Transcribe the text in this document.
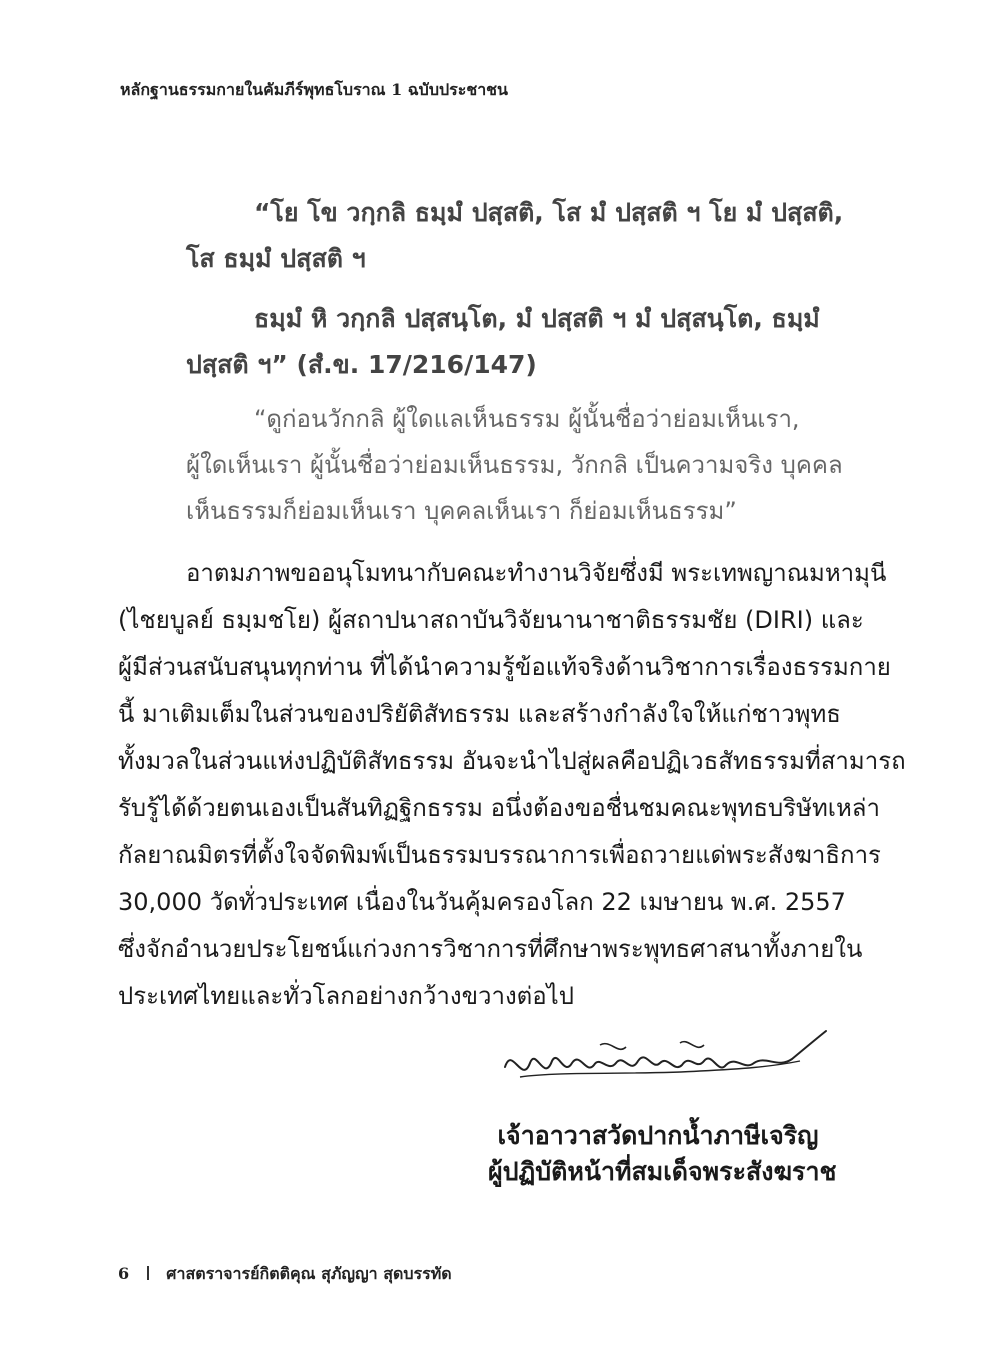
หลักฐานธรรมกายในคัมภีร์พุทธโบราณ 1 ฉบับประชาชน
“โย โข วกฺกลิ ธมฺมํ ปสฺสติ, โส มํ ปสฺสติ ฯ โย มํ ปสฺสติ,
โส ธมฺมํ ปสฺสติ ฯ
ธมฺมํ หิ วกฺกลิ ปสฺสนฺโต, มํ ปสฺสติ ฯ มํ ปสฺสนฺโต, ธมฺมํ
ปสฺสติ ฯ” (สํ.ข. 17/216/147)
“ดูก่อนวักกลิ ผู้ใดแลเห็นธรรม ผู้นั้นชื่อว่าย่อมเห็นเรา,
ผู้ใดเห็นเรา ผู้นั้นชื่อว่าย่อมเห็นธรรม, วักกลิ เป็นความจริง บุคคล
เห็นธรรมก็ย่อมเห็นเรา บุคคลเห็นเรา ก็ย่อมเห็นธรรม”
อาตมภาพขออนุโมทนากับคณะทำงานวิจัยซึ่งมี พระเทพญาณมหามุนี
(ไชยบูลย์ ธมฺมชโย) ผู้สถาปนาสถาบันวิจัยนานาชาติธรรมชัย (DIRI) และ
ผู้มีส่วนสนับสนุนทุกท่าน ที่ได้นำความรู้ข้อแท้จริงด้านวิชาการเรื่องธรรมกาย
นี้ มาเติมเต็มในส่วนของปริยัติสัทธรรม และสร้างกำลังใจให้แก่ชาวพุทธ
ทั้งมวลในส่วนแห่งปฏิบัติสัทธรรม อันจะนำไปสู่ผลคือปฏิเวธสัทธรรมที่สามารถ
รับรู้ได้ด้วยตนเองเป็นสันทิฏฐิกธรรม อนึ่งต้องขอชื่นชมคณะพุทธบริษัทเหล่า
กัลยาณมิตรที่ตั้งใจจัดพิมพ์เป็นธรรมบรรณาการเพื่อถวายแด่พระสังฆาธิการ
30,000 วัดทั่วประเทศ เนื่องในวันคุ้มครองโลก 22 เมษายน พ.ศ. 2557
ซึ่งจักอำนวยประโยชน์แก่วงการวิชาการที่ศึกษาพระพุทธศาสนาทั้งภายใน
ประเทศไทยและทั่วโลกอย่างกว้างขวางต่อไป
เจ้าอาวาสวัดปากน้ำภาษีเจริญ
ผู้ปฏิบัติหน้าที่สมเด็จพระสังฆราช
6 ศาสตราจารย์กิตติคุณ สุภัญญา สุดบรรทัด
